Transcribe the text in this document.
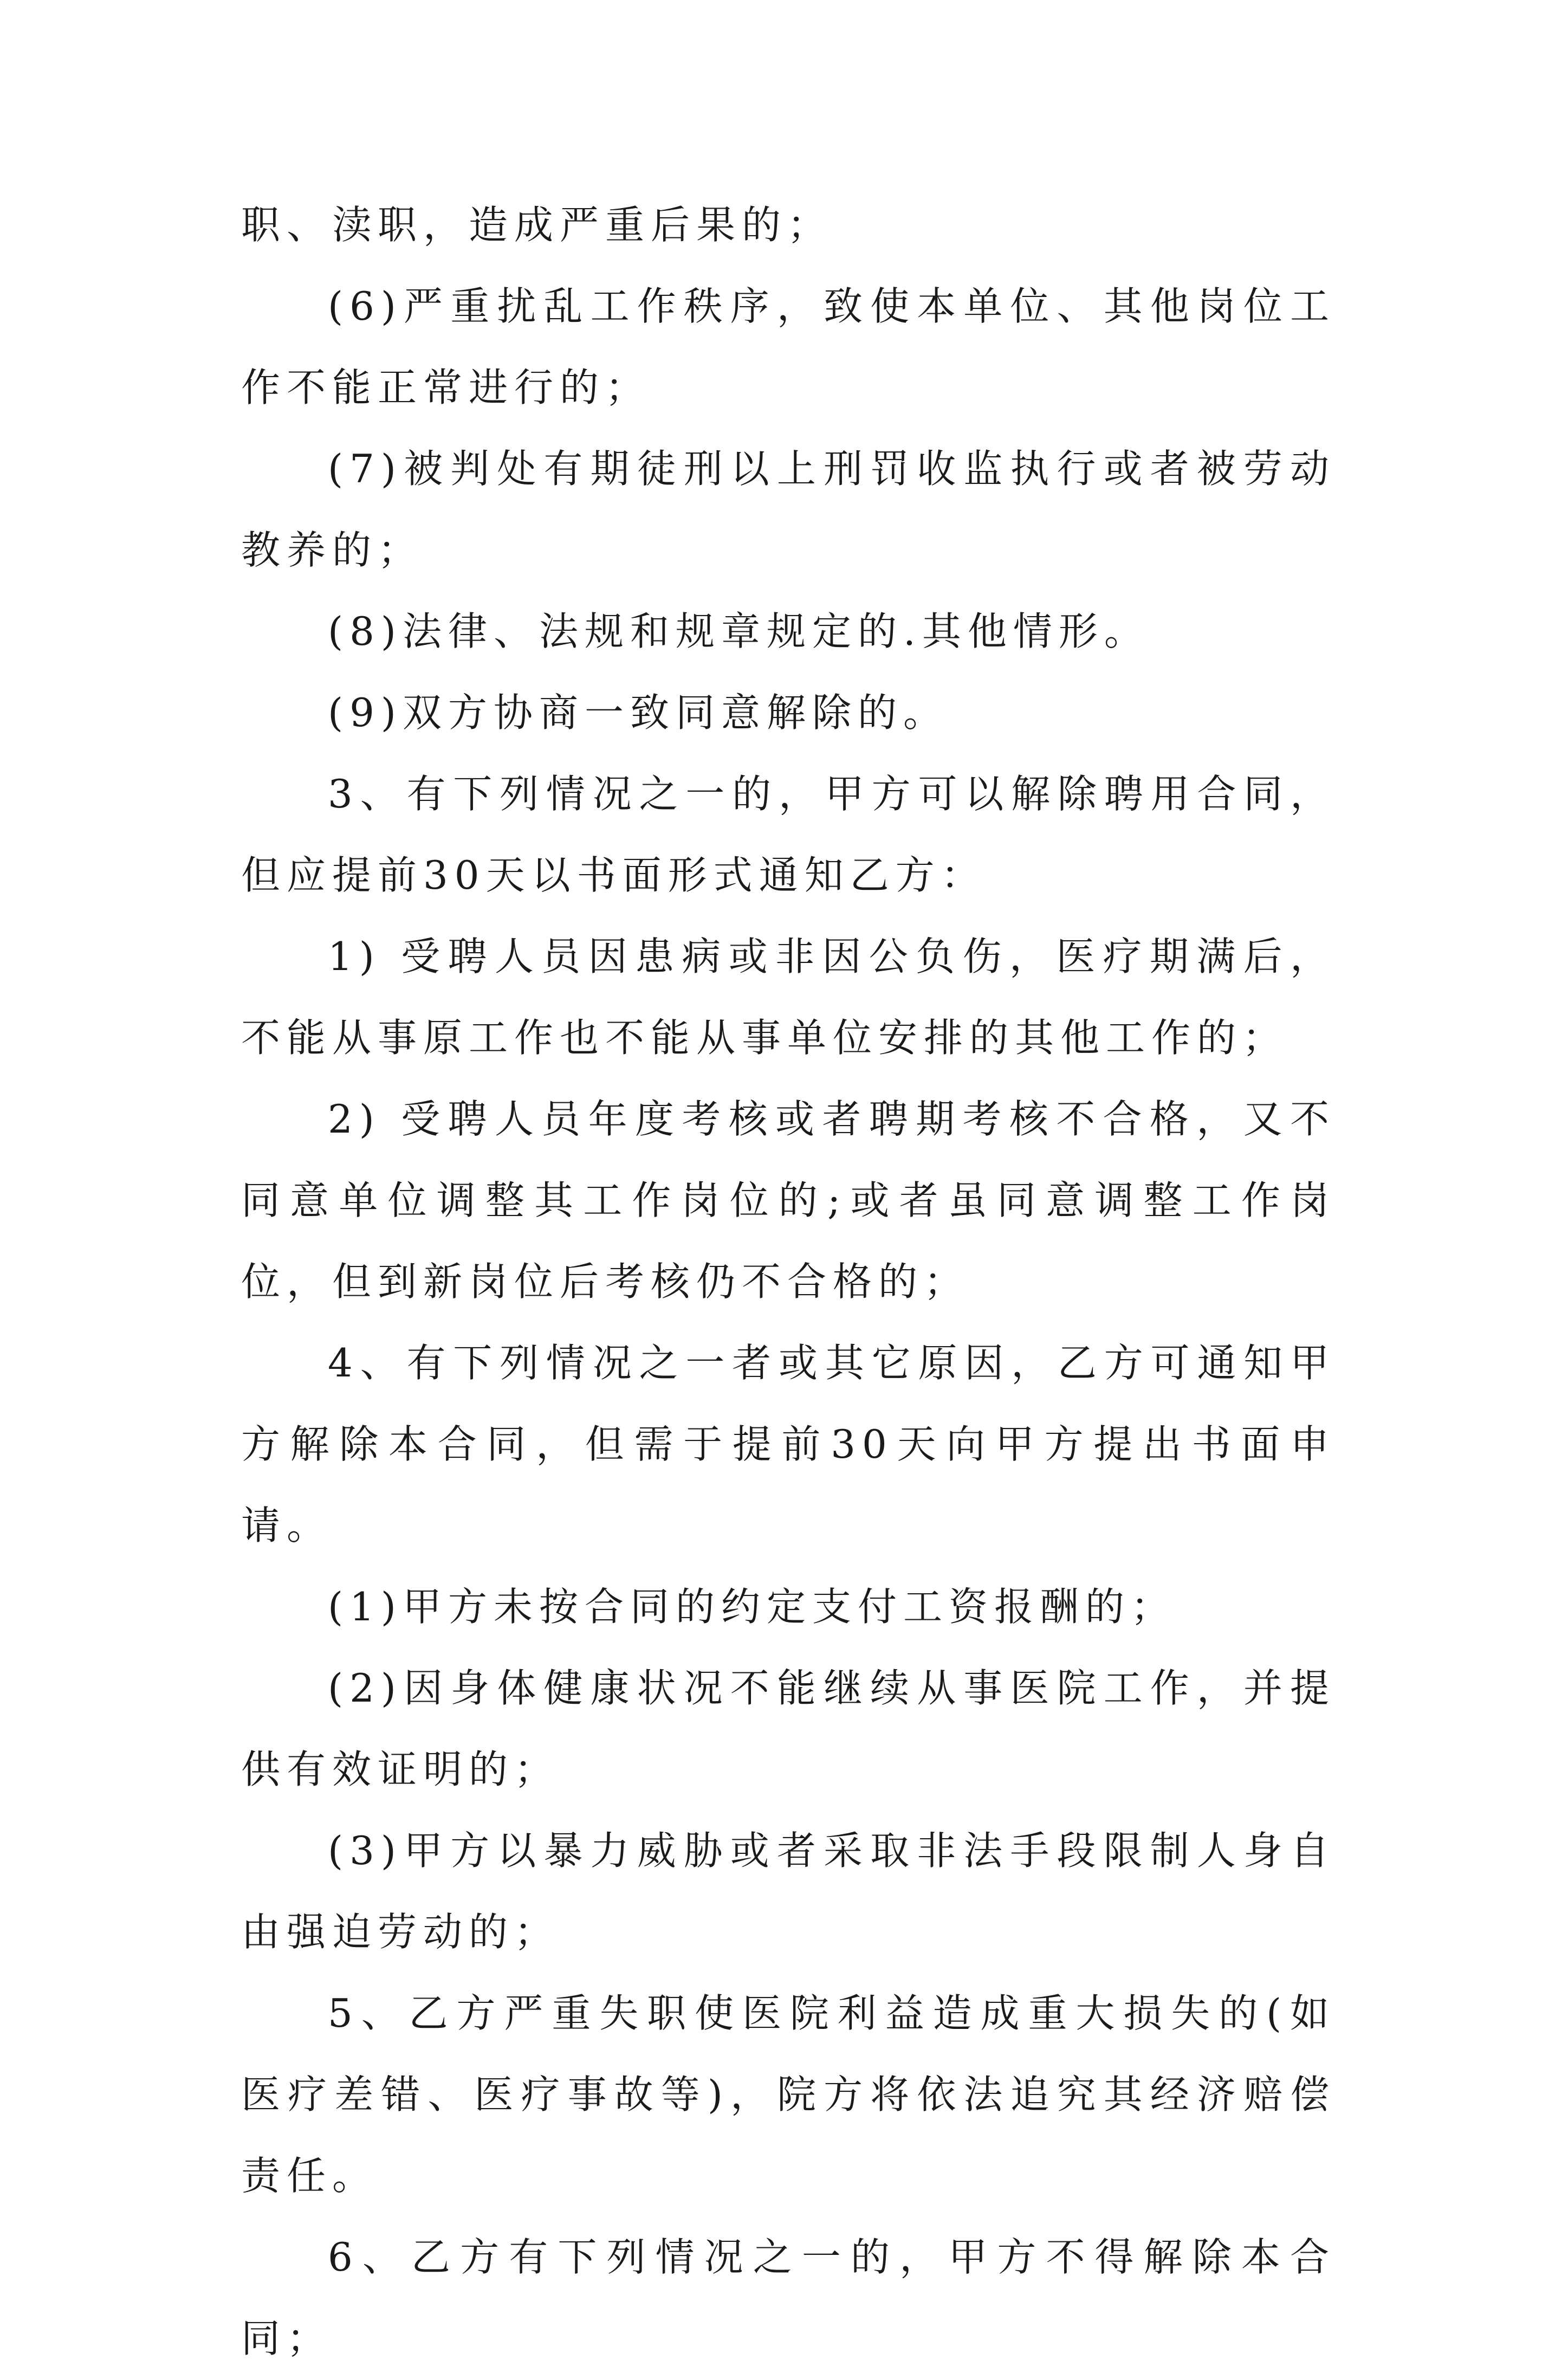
职、渎职，造成严重后果的；

(6)严重扰乱工作秩序，致使本单位、其他岗位工作不能正常进行的；

(7)被判处有期徒刑以上刑罚收监执行或者被劳动教养的；

(8)法律、法规和规章规定的.其他情形。

(9)双方协商一致同意解除的。

3、有下列情况之一的，甲方可以解除聘用合同，但应提前30天以书面形式通知乙方：

1) 受聘人员因患病或非因公负伤，医疗期满后，不能从事原工作也不能从事单位安排的其他工作的；

2) 受聘人员年度考核或者聘期考核不合格，又不同意单位调整其工作岗位的;或者虽同意调整工作岗位，但到新岗位后考核仍不合格的；

4、有下列情况之一者或其它原因，乙方可通知甲方解除本合同，但需于提前30天向甲方提出书面申请。

(1)甲方未按合同的约定支付工资报酬的；

(2)因身体健康状况不能继续从事医院工作，并提供有效证明的；

(3)甲方以暴力威胁或者采取非法手段限制人身自由强迫劳动的；

5、乙方严重失职使医院利益造成重大损失的(如医疗差错、医疗事故等)，院方将依法追究其经济赔偿责任。

6、乙方有下列情况之一的，甲方不得解除本合同；
